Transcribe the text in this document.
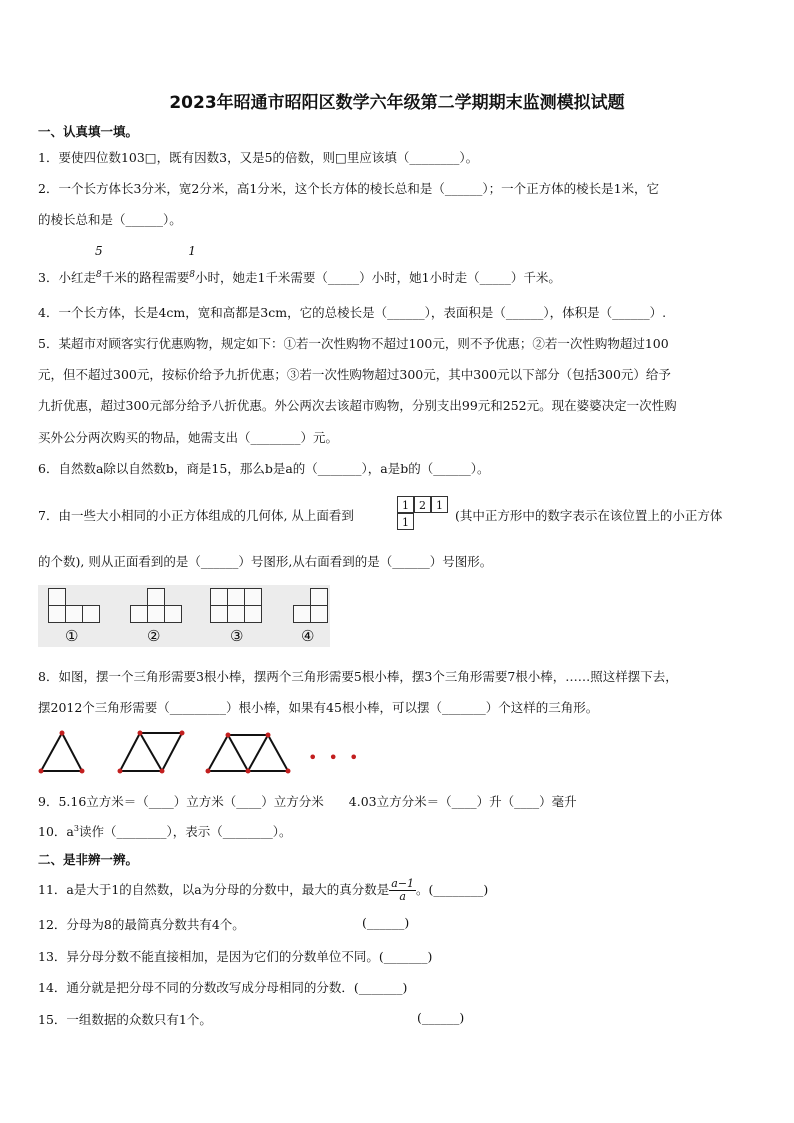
2023年昭通市昭阳区数学六年级第二学期期末监测模拟试题
一、认真填一填。
1．要使四位数103□，既有因数3，又是5的倍数，则□里应该填（________）。
2．一个长方体长3分米，宽2分米，高1分米，这个长方体的棱长总和是（______）；一个正方体的棱长是1米，它
的棱长总和是（______）。
3．小红走
5
$^8$千米的路程需要
1
$^8$小时，她走1千米需要（_____）小时，她1小时走（_____）千米。
4．一个长方体，长是4cm，宽和高都是3cm，它的总棱长是（______），表面积是（______），体积是（______）.
5．某超市对顾客实行优惠购物，规定如下：①若一次性购物不超过100元，则不予优惠；②若一次性购物超过100
元，但不超过300元，按标价给予九折优惠；③若一次性购物超过300元，其中300元以下部分（包括300元）给予
九折优惠，超过300元部分给予八折优惠。外公两次去该超市购物，分别支出99元和252元。现在婆婆决定一次性购
买外公分两次购买的物品，她需支出（________）元。
6．自然数a除以自然数b，商是15，那么b是a的（_______），a是b的（______）。
7．由一些大小相同的小正方体组成的几何体, 从上面看到
1 2 1
1	(其中正方形中的数字表示在该位置上的小正方体
的个数), 则从正面看到的是（______）号图形,从右面看到的是（______）号图形。
①	②	③	④
8．如图，摆一个三角形需要3根小棒，摆两个三角形需要5根小棒，摆3个三角形需要7根小棒，……照这样摆下去，
摆2012个三角形需要（_________）根小棒，如果有45根小棒，可以摆（_______）个这样的三角形。
• • •
9．5.16立方米＝（____）立方米（____）立方分米　　4.03立方分米＝（____）升（____）毫升
10．$a^3$读作（________），表示（________）。
二、是非辨一辨。
11．a是大于1的自然数，以a为分母的分数中，最大的真分数是 $\frac{a-1}{a}$ 。(________)
12．分母为8的最简真分数共有4个。	(______)
13．异分母分数不能直接相加，是因为它们的分数单位不同。(_______)
14．通分就是把分母不同的分数改写成分母相同的分数．(_______)
15．一组数据的众数只有1个。	(______)
